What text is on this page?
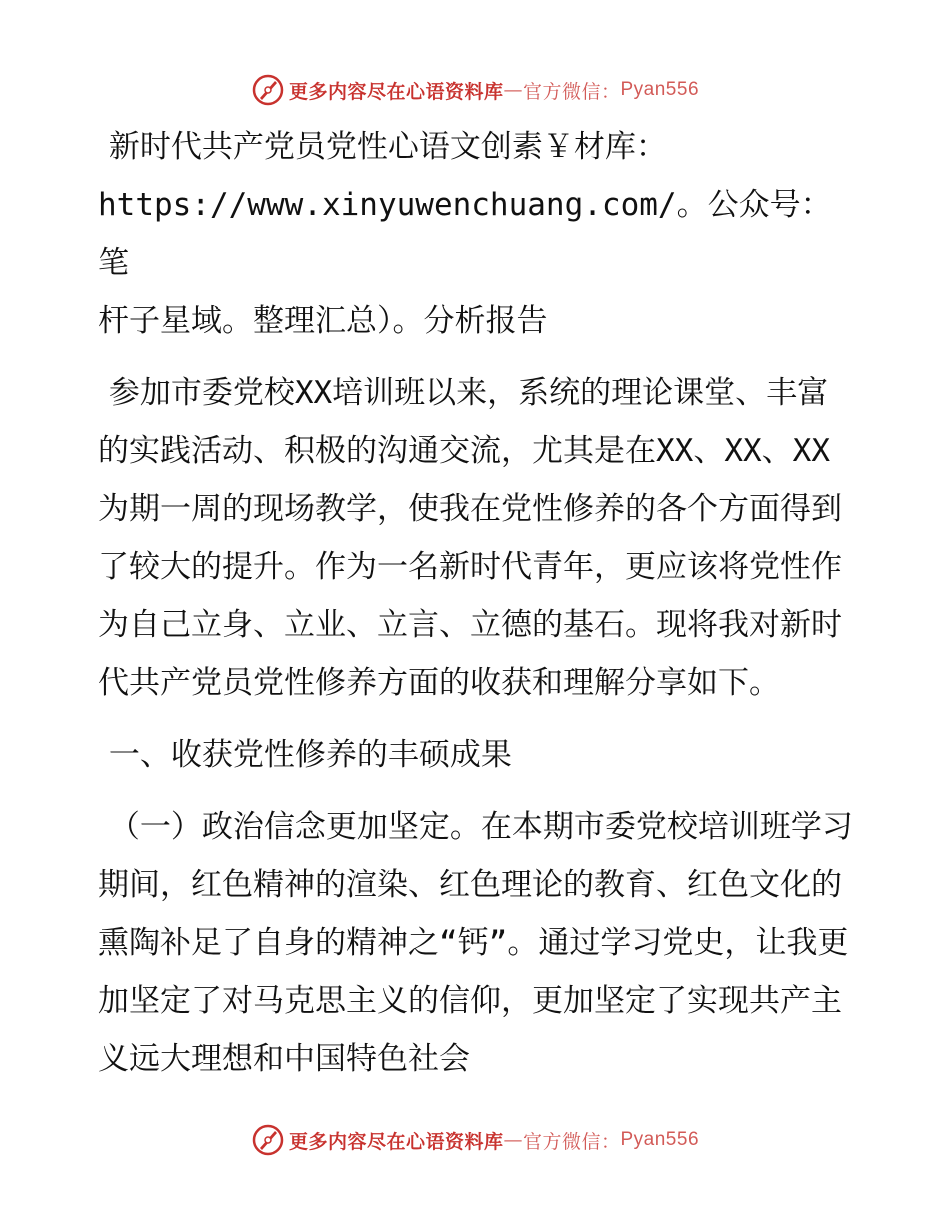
更多内容尽在心语资料库 — 官方微信： Pyan556

新时代共产党员党性心语文创素￥材库：

https://www.xinyuwenchuang.com/。公众号：笔

杆子星域。整理汇总）。分析报告

参加市委党校XX培训班以来，系统的理论课堂、丰富的实践活动、积极的沟通交流，尤其是在XX、XX、XX为期一周的现场教学，使我在党性修养的各个方面得到了较大的提升。作为一名新时代青年，更应该将党性作为自己立身、立业、立言、立德的基石。现将我对新时代共产党员党性修养方面的收获和理解分享如下。

一、收获党性修养的丰硕成果

（一）政治信念更加坚定。在本期市委党校培训班学习期间，红色精神的渲染、红色理论的教育、红色文化的熏陶补足了自身的精神之“钙”。通过学习党史，让我更加坚定了对马克思主义的信仰，更加坚定了实现共产主义远大理想和中国特色社会

更多内容尽在心语资料库 — 官方微信： Pyan556
